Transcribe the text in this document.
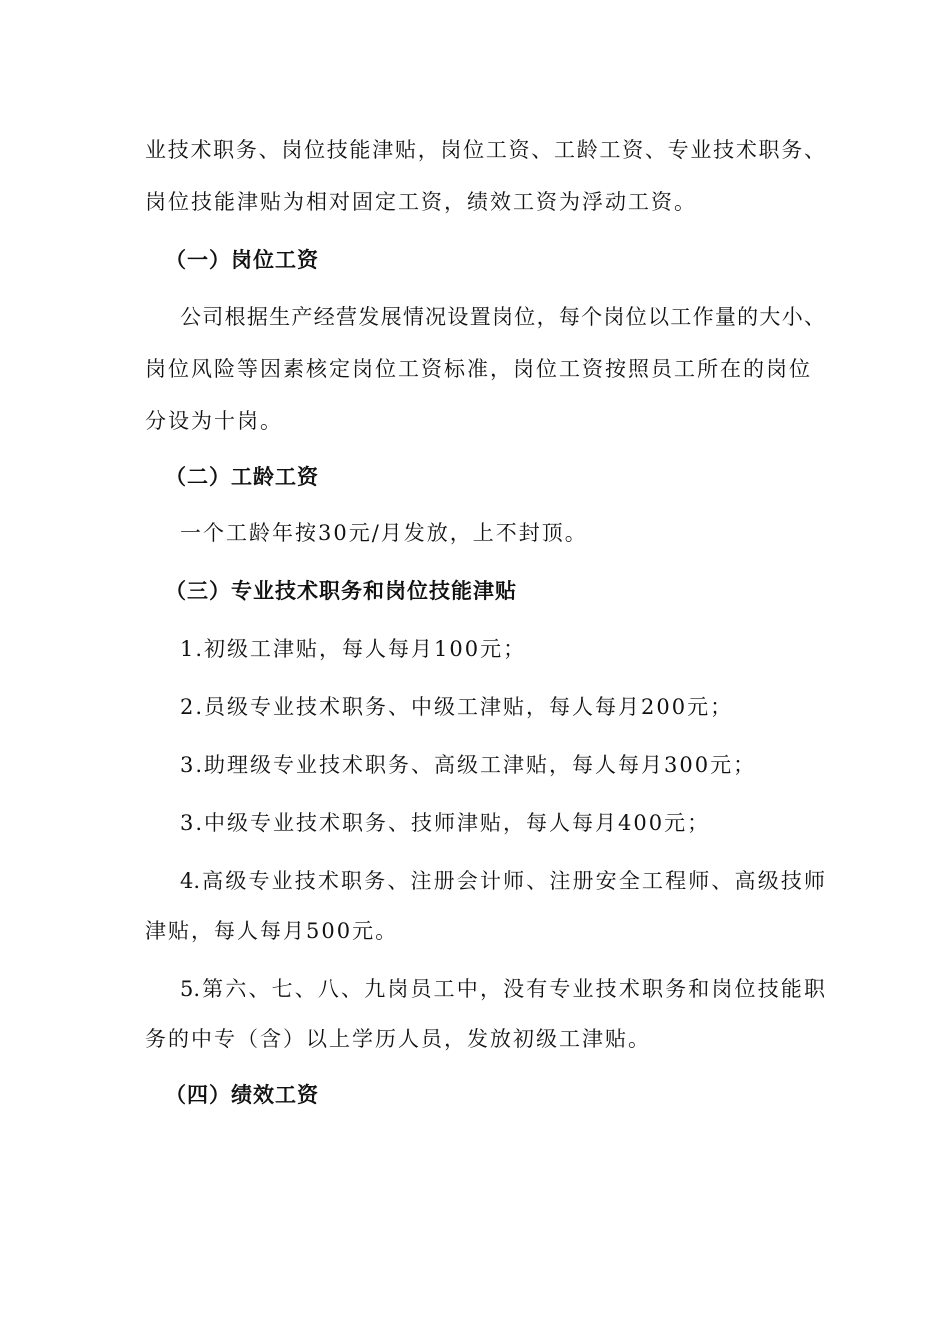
业技术职务、岗位技能津贴，岗位工资、工龄工资、专业技术职务、
岗位技能津贴为相对固定工资，绩效工资为浮动工资。
（一）岗位工资
公司根据生产经营发展情况设置岗位，每个岗位以工作量的大小、
岗位风险等因素核定岗位工资标准，岗位工资按照员工所在的岗位
分设为十岗。
（二）工龄工资
一个工龄年按30元/月发放，上不封顶。
（三）专业技术职务和岗位技能津贴
1.初级工津贴，每人每月100元；
2.员级专业技术职务、中级工津贴，每人每月200元；
3.助理级专业技术职务、高级工津贴，每人每月300元；
3.中级专业技术职务、技师津贴，每人每月400元；
4.高级专业技术职务、注册会计师、注册安全工程师、高级技师
津贴，每人每月500元。
5.第六、七、八、九岗员工中，没有专业技术职务和岗位技能职
务的中专（含）以上学历人员，发放初级工津贴。
（四）绩效工资
